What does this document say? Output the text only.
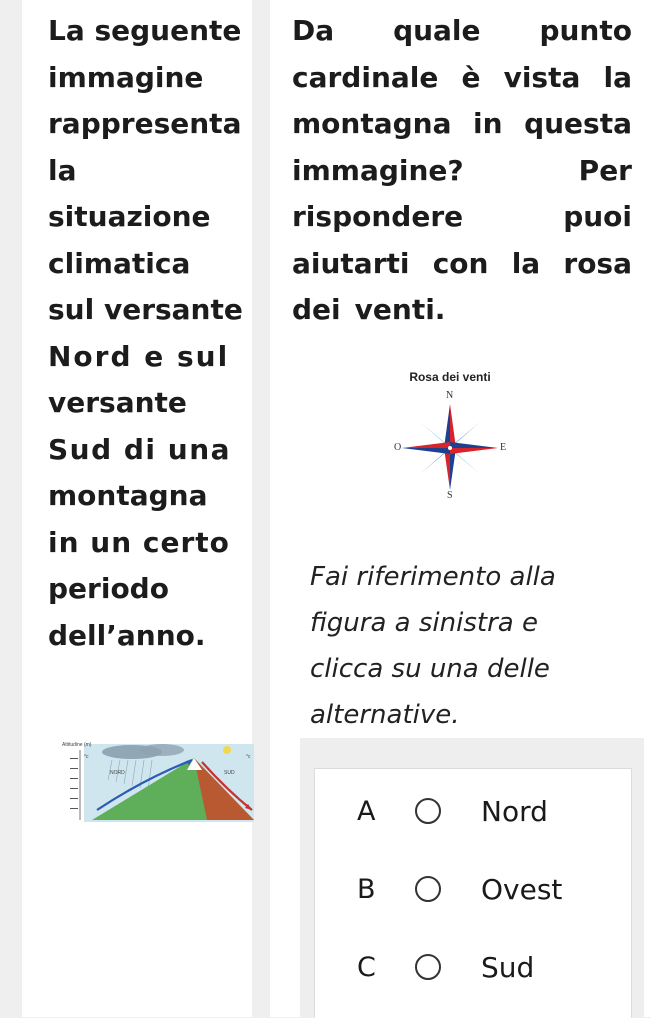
La seguente
immagine
rappresenta
la
situazione
climatica
sul versante
Nord e sul
versante
Sud di una
montagna
in un certo
periodo
dell’anno.
Altitudine (m)
NORD	SUD
°c	°c
Da quale punto
cardinale è vista la
montagna in questa
immagine?	Per
rispondere	puoi
aiutarti con la rosa
dei venti.
Rosa dei venti
N
S
E
O
Fai riferimento alla
figura a sinistra e
clicca su una delle
alternative.
A	Nord
B	Ovest
C	Sud
